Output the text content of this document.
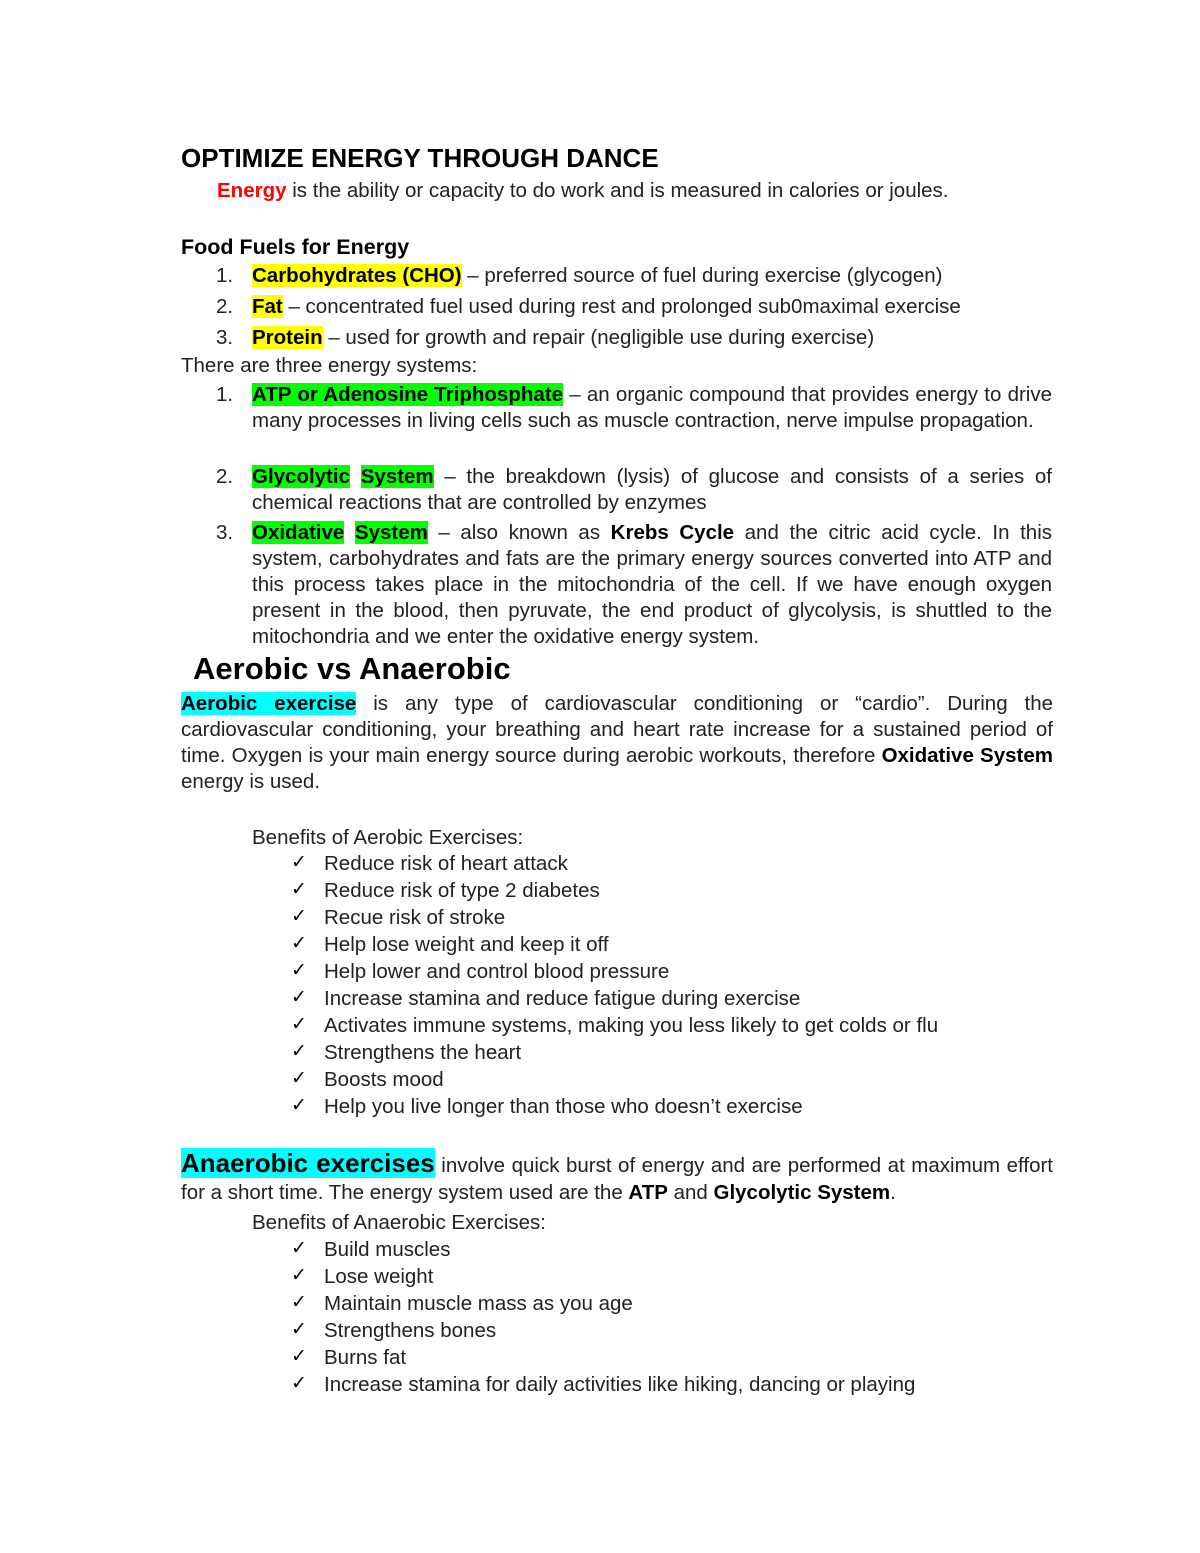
OPTIMIZE ENERGY THROUGH DANCE
Energy is the ability or capacity to do work and is measured in calories or joules.
Food Fuels for Energy
1. Carbohydrates (CHO) – preferred source of fuel during exercise (glycogen)
2. Fat – concentrated fuel used during rest and prolonged sub0maximal exercise
3. Protein – used for growth and repair (negligible use during exercise)
There are three energy systems:
1. ATP or Adenosine Triphosphate – an organic compound that provides energy to drive many processes in living cells such as muscle contraction, nerve impulse propagation.
2. Glycolytic System – the breakdown (lysis) of glucose and consists of a series of chemical reactions that are controlled by enzymes
3. Oxidative System – also known as Krebs Cycle and the citric acid cycle. In this system, carbohydrates and fats are the primary energy sources converted into ATP and this process takes place in the mitochondria of the cell. If we have enough oxygen present in the blood, then pyruvate, the end product of glycolysis, is shuttled to the mitochondria and we enter the oxidative energy system.
Aerobic vs Anaerobic
Aerobic exercise is any type of cardiovascular conditioning or “cardio”. During the cardiovascular conditioning, your breathing and heart rate increase for a sustained period of time. Oxygen is your main energy source during aerobic workouts, therefore Oxidative System energy is used.
Benefits of Aerobic Exercises:
✓ Reduce risk of heart attack
✓ Reduce risk of type 2 diabetes
✓ Recue risk of stroke
✓ Help lose weight and keep it off
✓ Help lower and control blood pressure
✓ Increase stamina and reduce fatigue during exercise
✓ Activates immune systems, making you less likely to get colds or flu
✓ Strengthens the heart
✓ Boosts mood
✓ Help you live longer than those who doesn’t exercise
Anaerobic exercises involve quick burst of energy and are performed at maximum effort for a short time. The energy system used are the ATP and Glycolytic System.
Benefits of Anaerobic Exercises:
✓ Build muscles
✓ Lose weight
✓ Maintain muscle mass as you age
✓ Strengthens bones
✓ Burns fat
✓ Increase stamina for daily activities like hiking, dancing or playing
